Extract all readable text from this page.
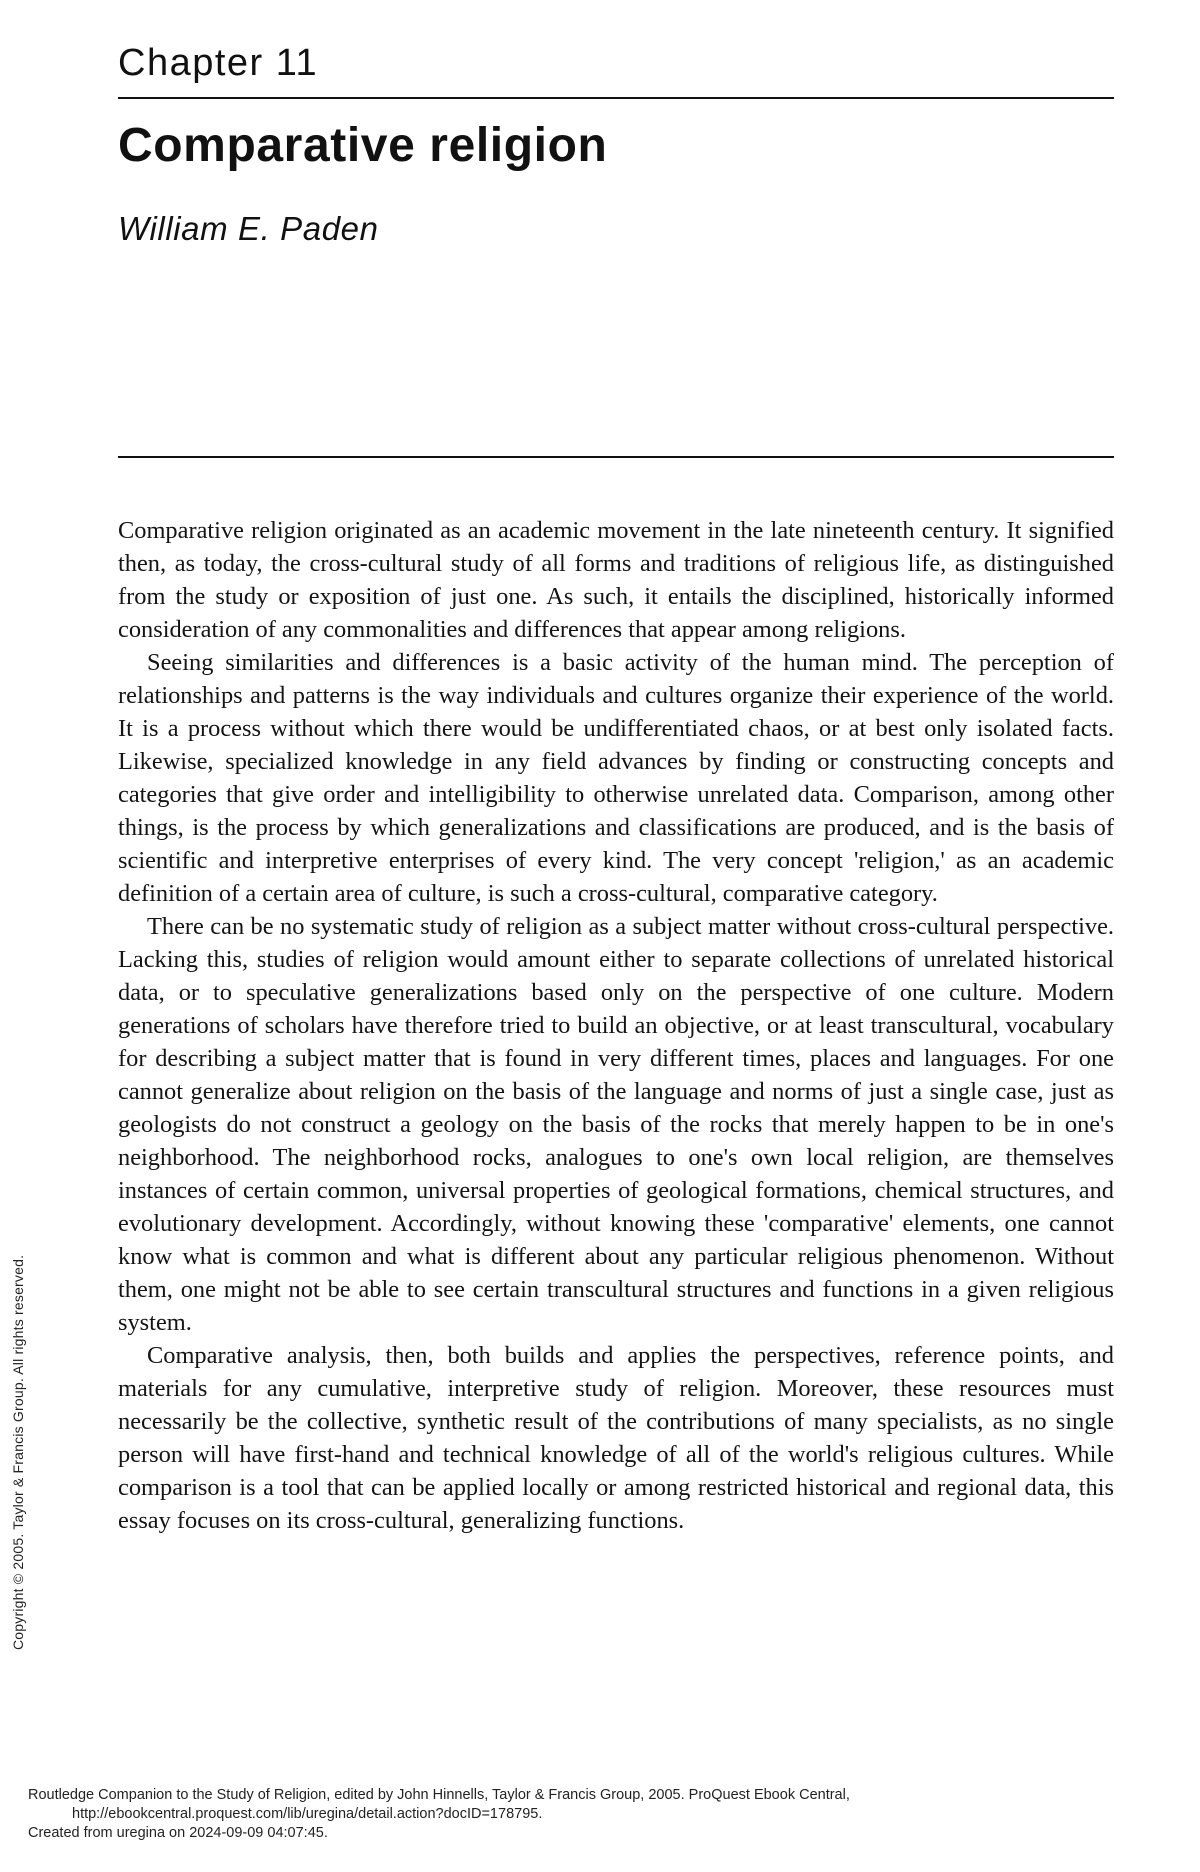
Chapter 11
Comparative religion
William E. Paden

Comparative religion originated as an academic movement in the late nineteenth century. It signified then, as today, the cross-cultural study of all forms and traditions of religious life, as distinguished from the study or exposition of just one. As such, it entails the disciplined, historically informed consideration of any commonalities and differences that appear among religions.

Seeing similarities and differences is a basic activity of the human mind. The perception of relationships and patterns is the way individuals and cultures organize their experience of the world. It is a process without which there would be undifferentiated chaos, or at best only isolated facts. Likewise, specialized knowledge in any field advances by finding or constructing concepts and categories that give order and intelligibility to otherwise unrelated data. Comparison, among other things, is the process by which generalizations and classifications are produced, and is the basis of scientific and interpretive enterprises of every kind. The very concept 'religion,' as an academic definition of a certain area of culture, is such a cross-cultural, comparative category.

There can be no systematic study of religion as a subject matter without cross-cultural perspective. Lacking this, studies of religion would amount either to separate collections of unrelated historical data, or to speculative generalizations based only on the perspective of one culture. Modern generations of scholars have therefore tried to build an objective, or at least transcultural, vocabulary for describing a subject matter that is found in very different times, places and languages. For one cannot generalize about religion on the basis of the language and norms of just a single case, just as geologists do not construct a geology on the basis of the rocks that merely happen to be in one's neighborhood. The neighborhood rocks, analogues to one's own local religion, are themselves instances of certain common, universal properties of geological formations, chemical structures, and evolutionary development. Accordingly, without knowing these 'comparative' elements, one cannot know what is common and what is different about any particular religious phenomenon. Without them, one might not be able to see certain transcultural structures and functions in a given religious system.

Comparative analysis, then, both builds and applies the perspectives, reference points, and materials for any cumulative, interpretive study of religion. Moreover, these resources must necessarily be the collective, synthetic result of the contributions of many specialists, as no single person will have first-hand and technical knowledge of all of the world's religious cultures. While comparison is a tool that can be applied locally or among restricted historical and regional data, this essay focuses on its cross-cultural, generalizing functions.

Copyright © 2005. Taylor & Francis Group. All rights reserved.
Routledge Companion to the Study of Religion, edited by John Hinnells, Taylor & Francis Group, 2005. ProQuest Ebook Central,
http://ebookcentral.proquest.com/lib/uregina/detail.action?docID=178795.
Created from uregina on 2024-09-09 04:07:45.
